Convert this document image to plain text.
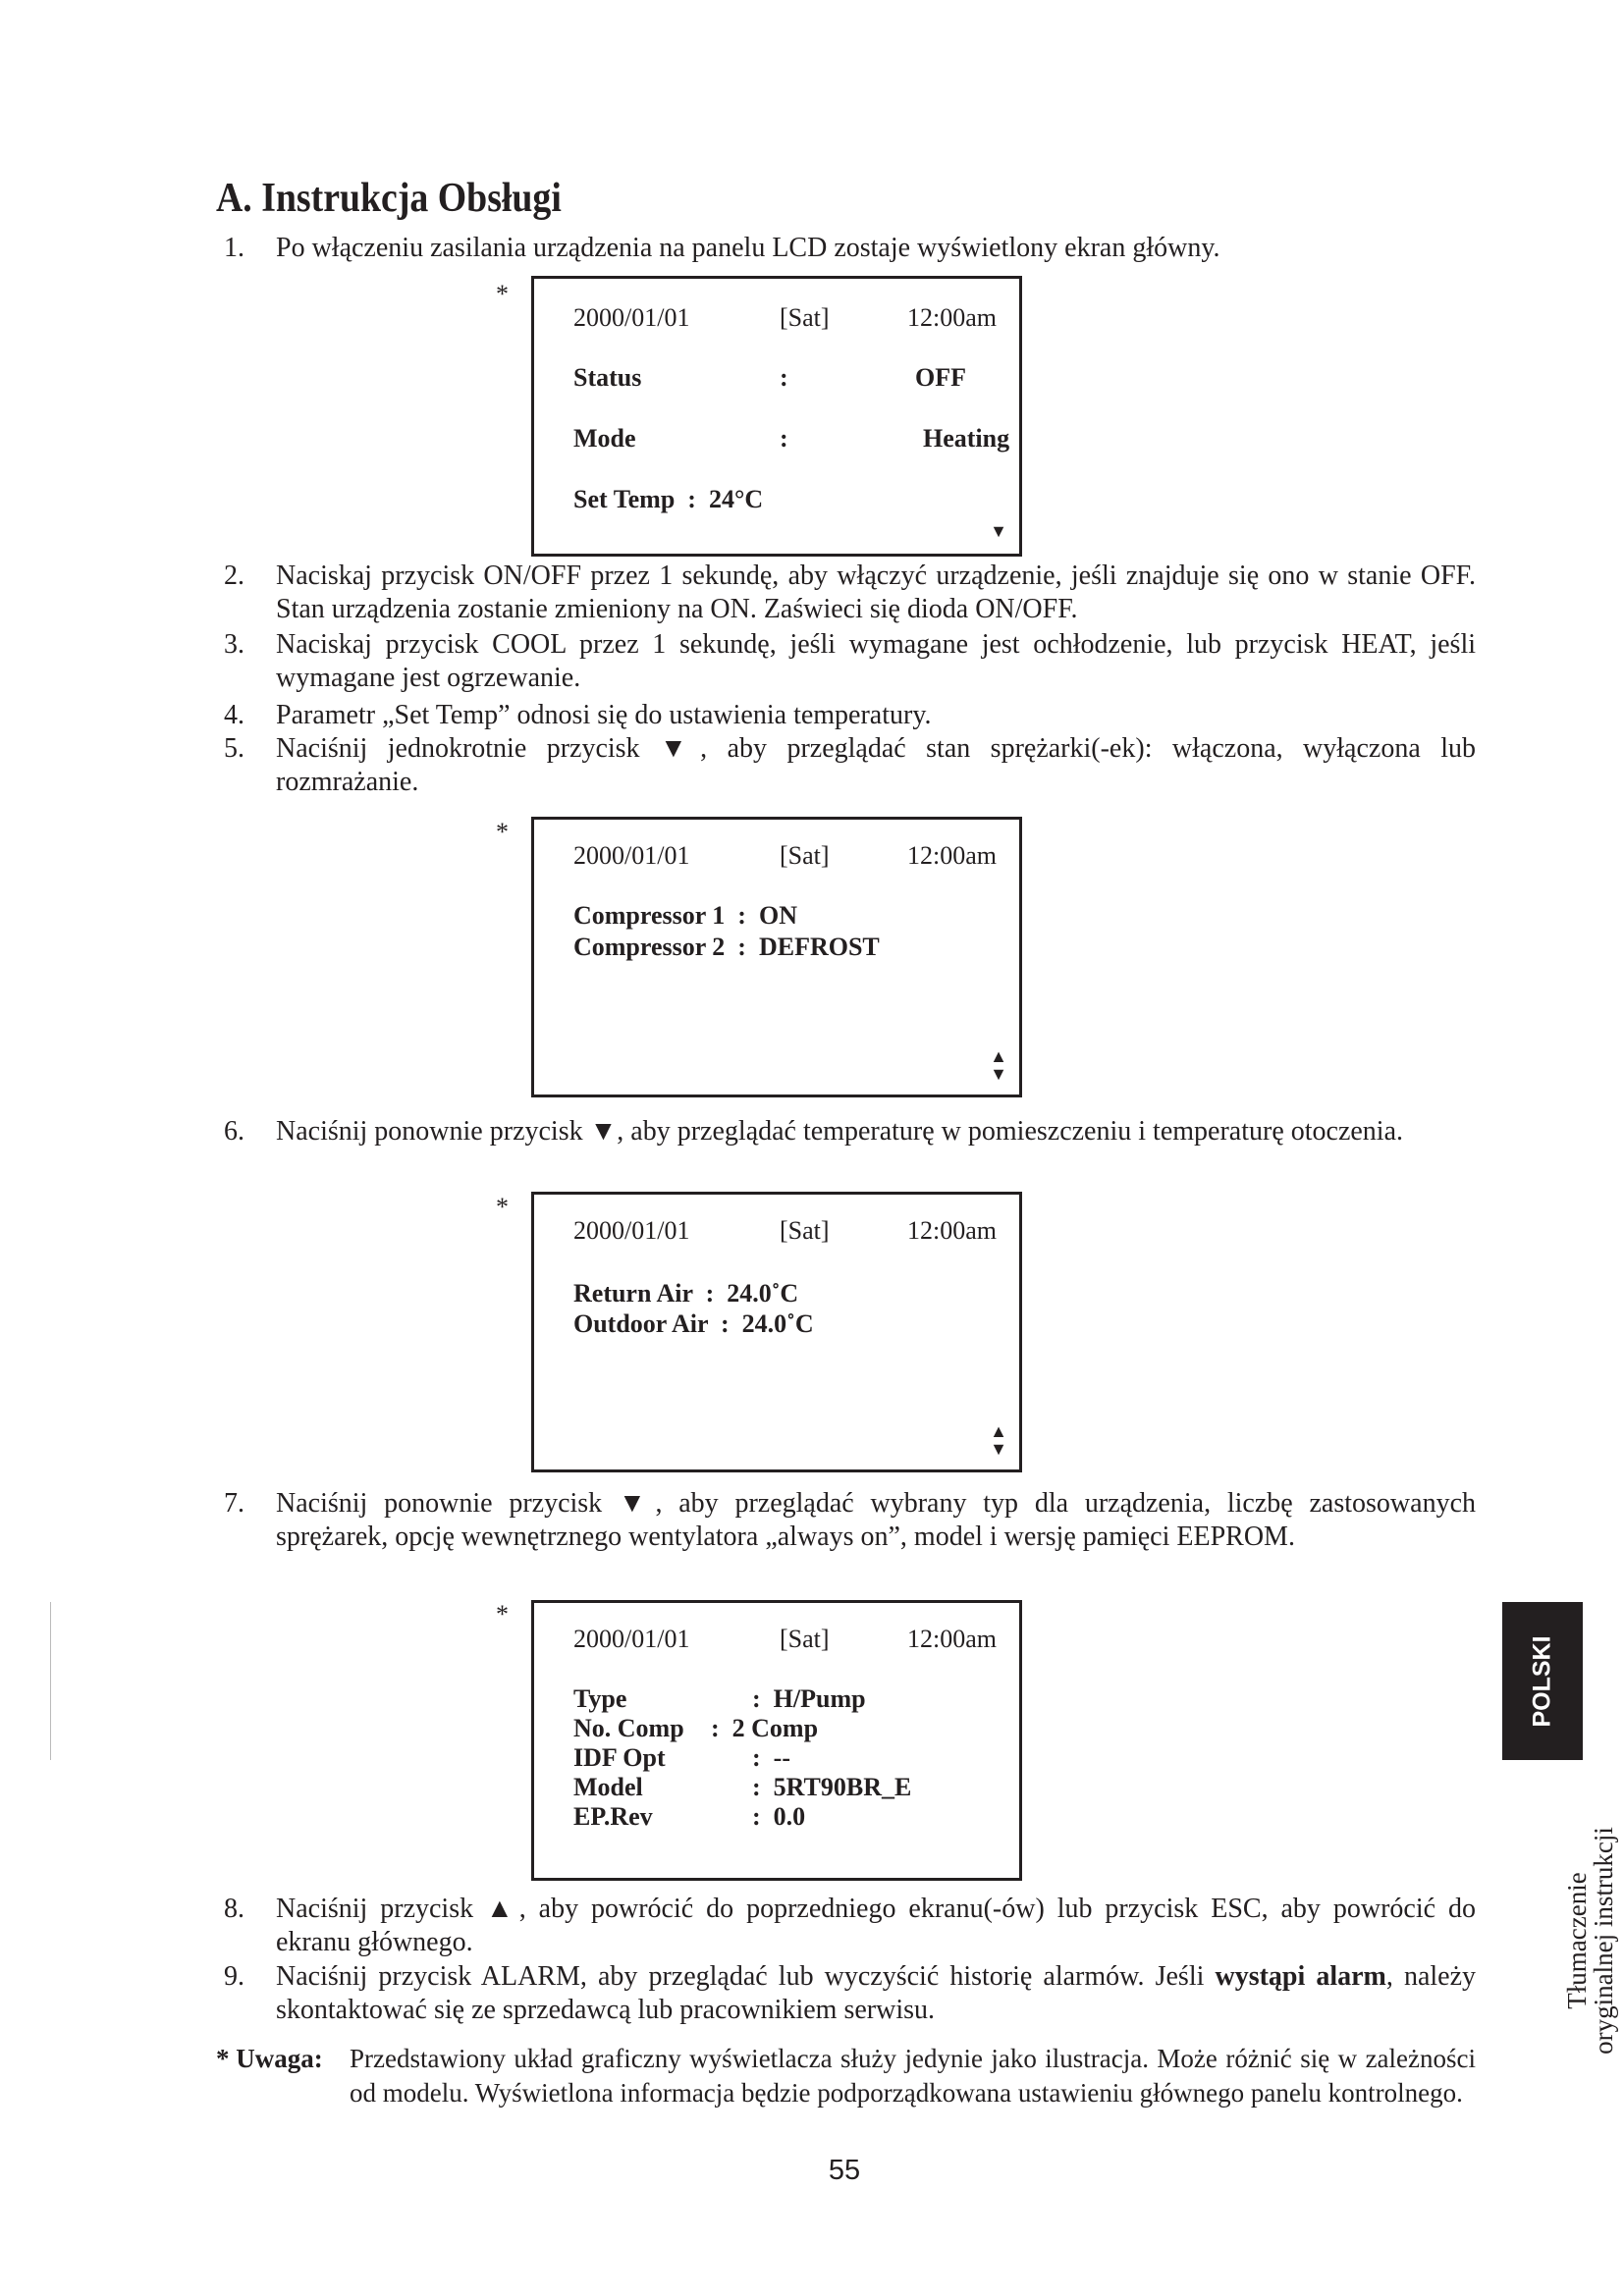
A. Instrukcja Obsługi
1. Po włączeniu zasilania urządzenia na panelu LCD zostaje wyświetlony ekran główny.
*
2000/01/01	[Sat]	12:00am
Status	:	OFF
Mode	:	Heating
Set Temp  :  24°C
▼
2. Naciskaj przycisk ON/OFF przez 1 sekundę, aby włączyć urządzenie, jeśli znajduje się ono w stanie OFF. Stan urządzenia zostanie zmieniony na ON. Zaświeci się dioda ON/OFF.
3. Naciskaj przycisk COOL przez 1 sekundę, jeśli wymagane jest ochłodzenie, lub przycisk HEAT, jeśli wymagane jest ogrzewanie.
4. Parametr „Set Temp” odnosi się do ustawienia temperatury.
5. Naciśnij jednokrotnie przycisk ▼, aby przeglądać stan sprężarki(-ek): włączona, wyłączona lub rozmrażanie.
*
2000/01/01	[Sat]	12:00am
Compressor 1  :  ON
Compressor 2  :  DEFROST
▲
▼
6. Naciśnij ponownie przycisk ▼, aby przeglądać temperaturę w pomieszczeniu i temperaturę otoczenia.
*
2000/01/01	[Sat]	12:00am
Return Air  :  24.0˚C
Outdoor Air  :  24.0˚C
▲
▼
7. Naciśnij ponownie przycisk ▼, aby przeglądać wybrany typ dla urządzenia, liczbę zastosowanych sprężarek, opcję wewnętrznego wentylatora „always on”, model i wersję pamięci EEPROM.
*
2000/01/01	[Sat]	12:00am
Type	:  H/Pump
No. Comp :  2 Comp
IDF Opt	:  --
Model	:  5RT90BR_E
EP.Rev	:  0.0
8. Naciśnij przycisk ▲, aby powrócić do poprzedniego ekranu(-ów) lub przycisk ESC, aby powrócić do ekranu głównego.
9. Naciśnij przycisk ALARM, aby przeglądać lub wyczyścić historię alarmów. Jeśli wystąpi alarm, należy skontaktować się ze sprzedawcą lub pracownikiem serwisu.
* Uwaga: Przedstawiony układ graficzny wyświetlacza służy jedynie jako ilustracja. Może różnić się w zależności od modelu. Wyświetlona informacja będzie podporządkowana ustawieniu głównego panelu kontrolnego.
55
POLSKI
Tłumaczenie
oryginalnej instrukcji
